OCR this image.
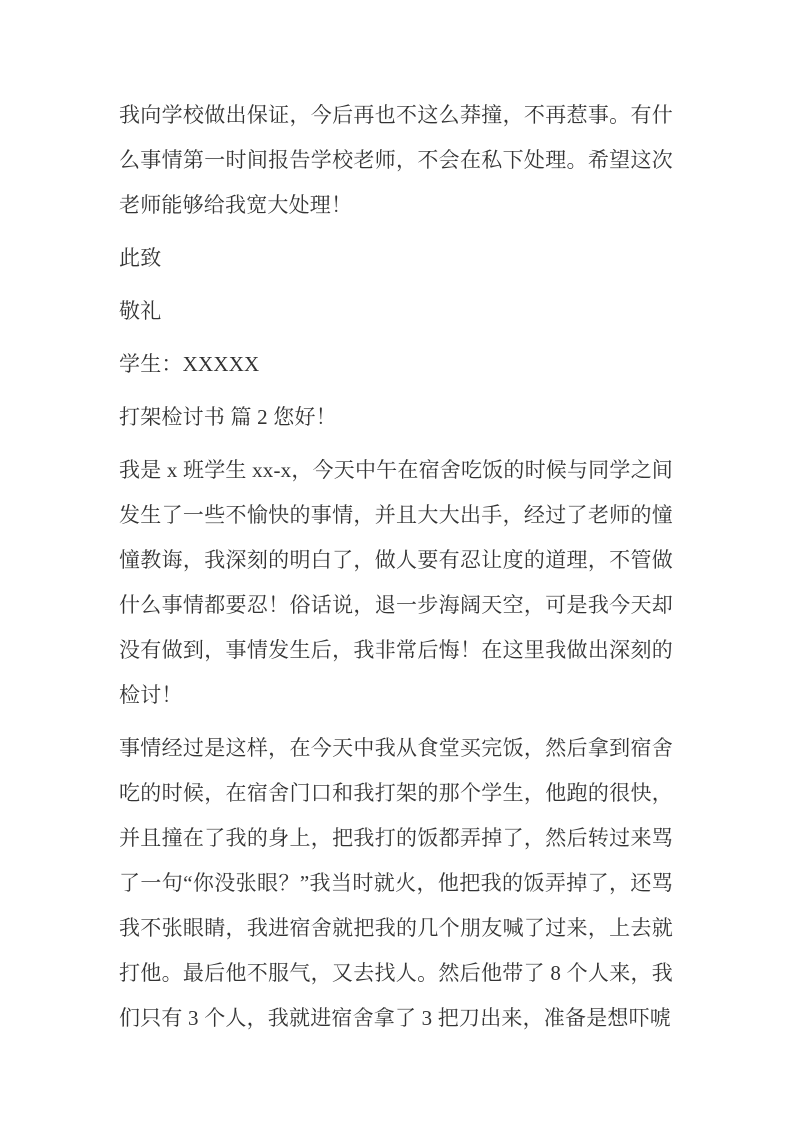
我向学校做出保证，今后再也不这么莽撞，不再惹事。有什么事情第一时间报告学校老师，不会在私下处理。希望这次老师能够给我宽大处理！

此致

敬礼

学生：XXXXX

打架检讨书 篇 2 您好！

我是 x 班学生 xx-x，今天中午在宿舍吃饭的时候与同学之间发生了一些不愉快的事情，并且大大出手，经过了老师的憧憧教诲，我深刻的明白了，做人要有忍让度的道理，不管做什么事情都要忍！俗话说，退一步海阔天空，可是我今天却没有做到，事情发生后，我非常后悔！在这里我做出深刻的检讨！

事情经过是这样，在今天中我从食堂买完饭，然后拿到宿舍吃的时候，在宿舍门口和我打架的那个学生，他跑的很快，并且撞在了我的身上，把我打的饭都弄掉了，然后转过来骂了一句“你没张眼？”我当时就火，他把我的饭弄掉了，还骂我不张眼睛，我进宿舍就把我的几个朋友喊了过来，上去就打他。最后他不服气，又去找人。然后他带了 8 个人来，我们只有 3 个人，我就进宿舍拿了 3 把刀出来，准备是想吓唬
